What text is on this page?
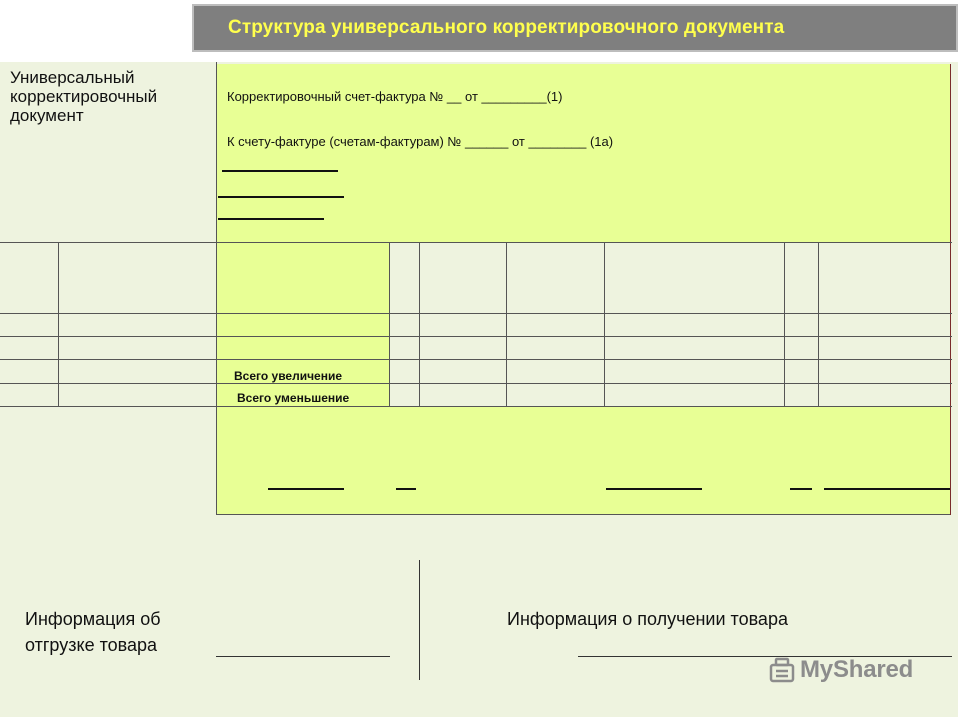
Структура универсального корректировочного документа
Универсальный корректировочный документ
Корректировочный счет-фактура № __ от _________(1)
К счету-фактуре (счетам-фактурам) № ______ от ________ (1а)
Всего увеличение
Всего уменьшение
Информация об отгрузке товара
Информация о получении товара
MyShared
